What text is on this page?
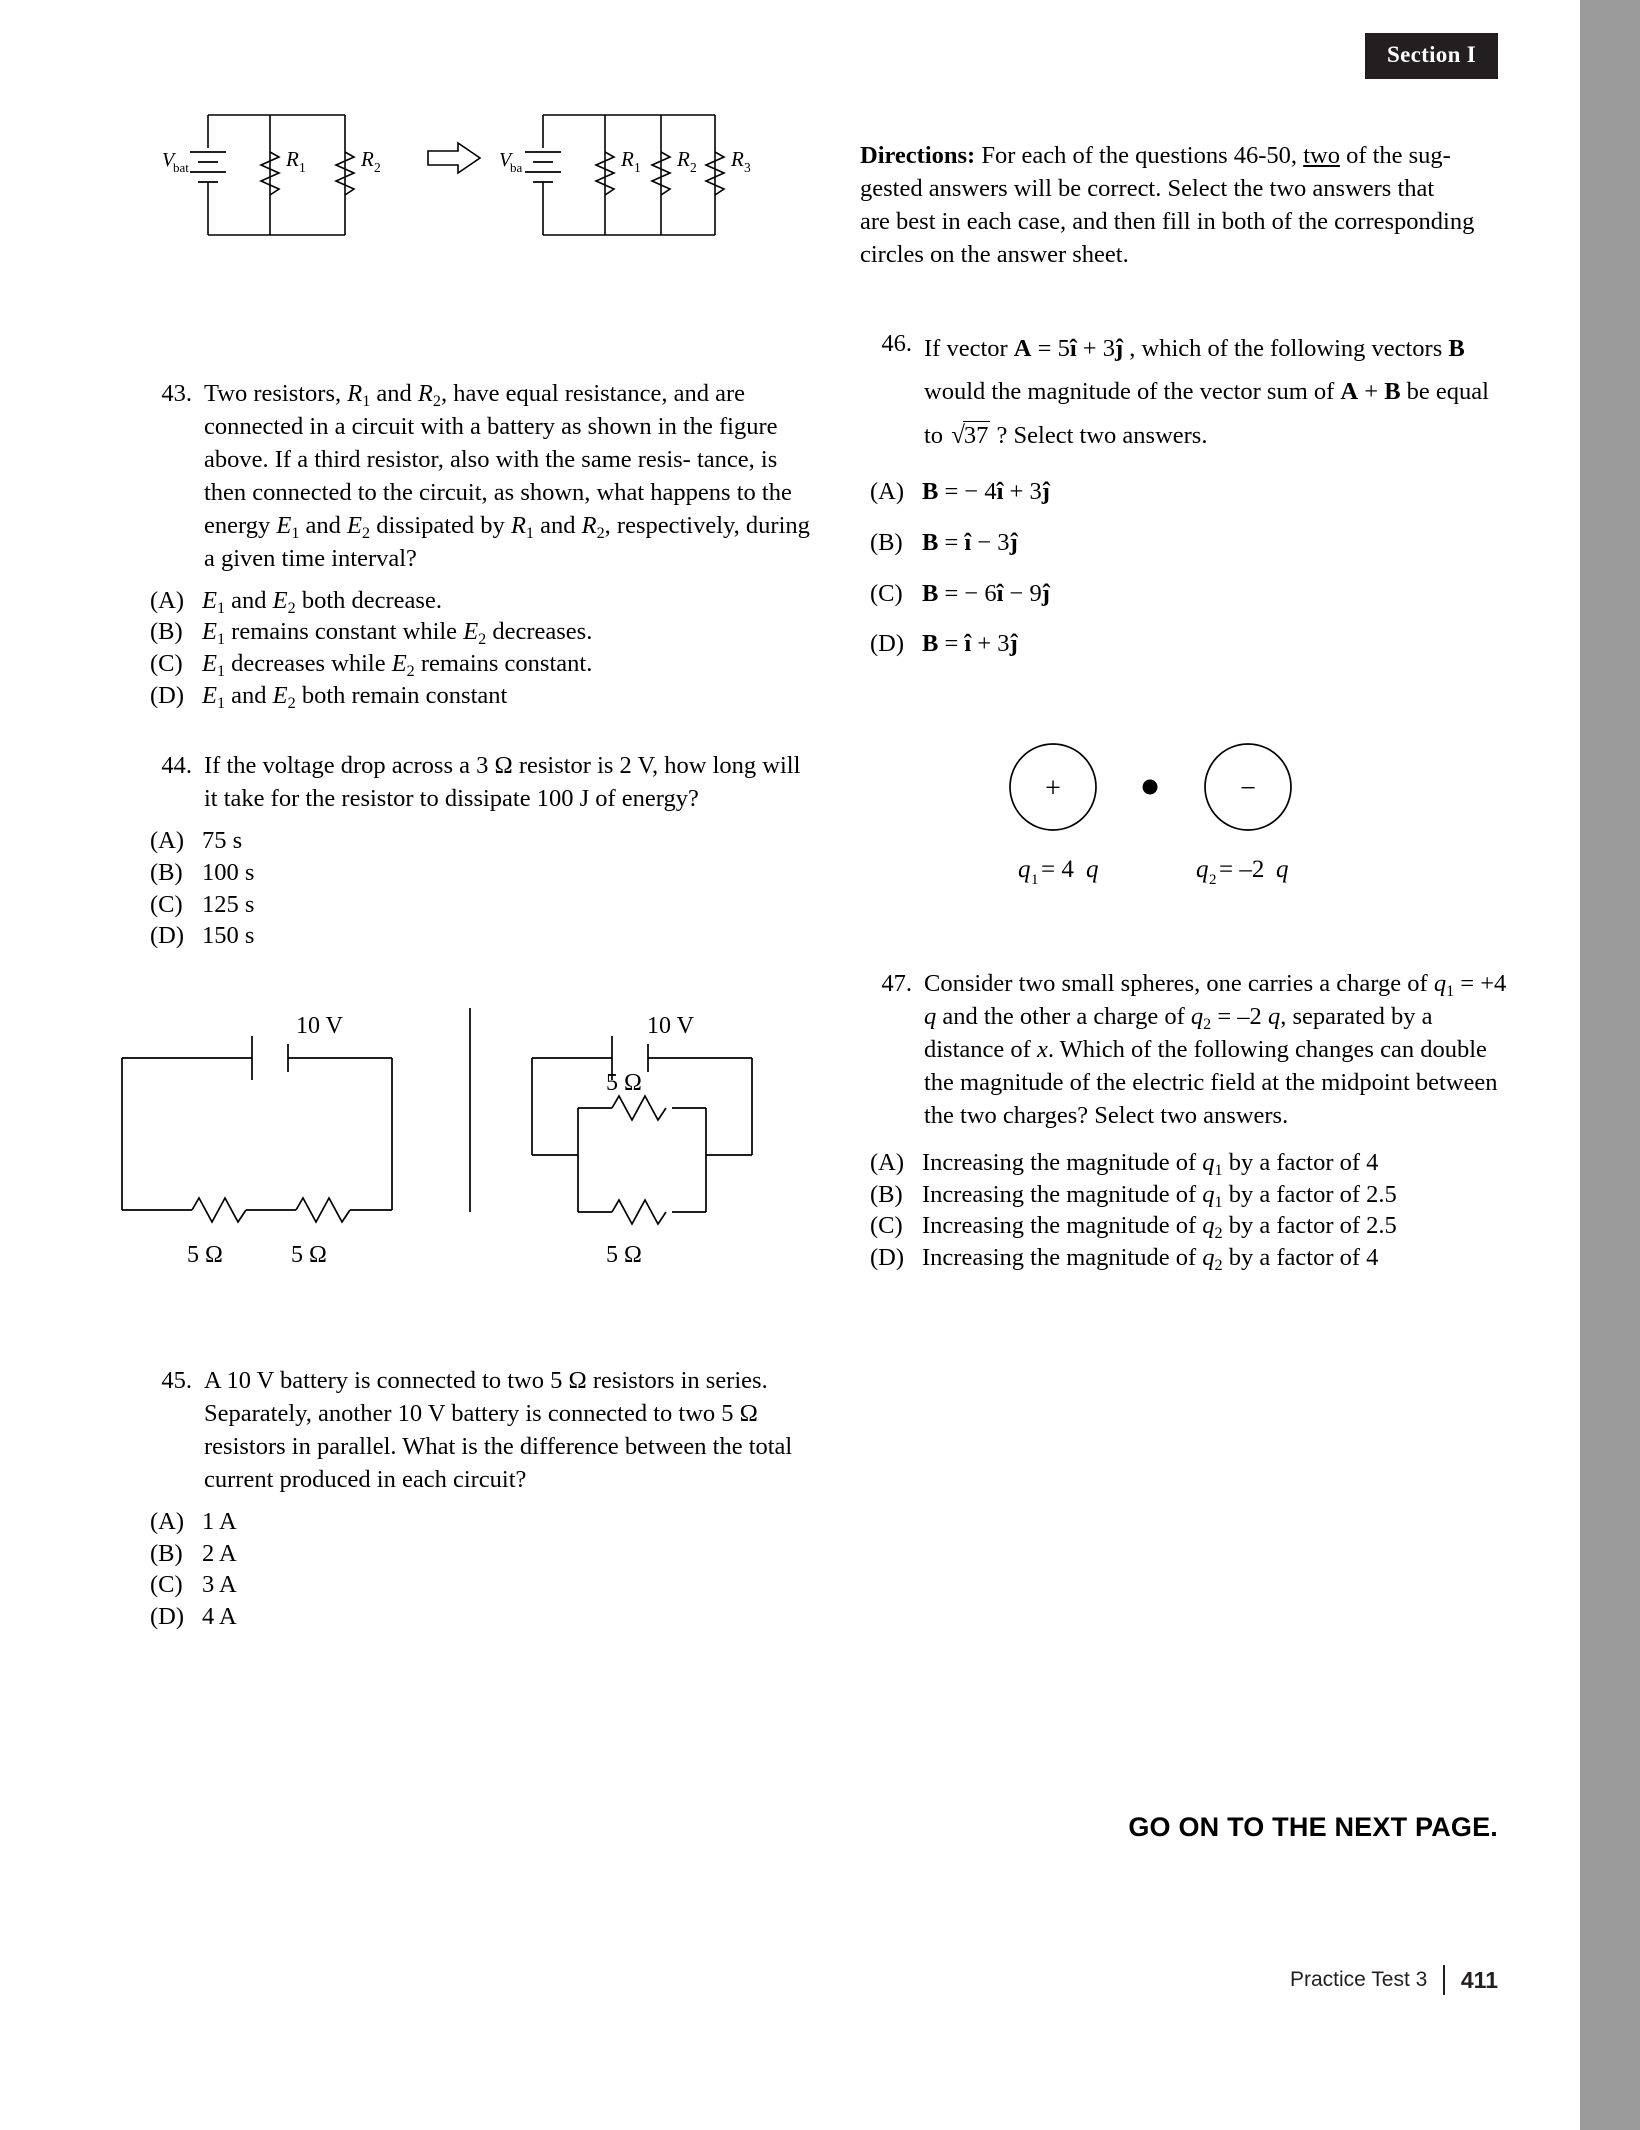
Section I
V
bat	R 1	R 2	V
ba	R 1 R 2 R 3	Directions: For each of the questions 46-50, two of the sug-
gested answers will be correct. Select the two answers that
are best in each case, and then fill in both of the corresponding
circles on the answer sheet.
43. Two resistors, $R_1$ and $R_2$, have equal resistance, and are connected in a circuit with a battery as shown in the figure above. If a third resistor, also with the same resis- tance, is then connected to the circuit, as shown, what happens to the energy $E_1$ and $E_2$ dissipated by $R_1$ and $R_2$, respectively, during a given time interval?
(A) $E_1$ and $E_2$ both decrease.
(B) $E_1$ remains constant while $E_2$ decreases.
(C) $E_1$ decreases while $E_2$ remains constant.
(D) $E_1$ and $E_2$ both remain constant
44. If the voltage drop across a 3 Ω resistor is 2 V, how long will it take for the resistor to dissipate 100 J of energy?
(A) 75 s
(B) 100 s
(C) 125 s
(D) 150 s
10 V
5 Ω	5 Ω
10 V
5 Ω
5 Ω
45. A 10 V battery is connected to two 5 Ω resistors in series. Separately, another 10 V battery is connected to two 5 Ω resistors in parallel. What is the difference between the total current produced in each circuit?
(A) 1 A
(B) 2 A
(C) 3 A
(D) 4 A
46. If vector A = 5î + 3ĵ , which of the following vectors B would the magnitude of the vector sum of A + B be equal to √37 ? Select two answers.
(A) B = − 4î + 3ĵ
(B) B = î − 3ĵ
(C) B = − 6î − 9ĵ
(D) B = î + 3ĵ
+	−
q 1 = 4 q	q 2 = –2 q
47. Consider two small spheres, one carries a charge of $q_1 = +4$ q and the other a charge of $q_2 = -2$ q, separated by a distance of x. Which of the following changes can double the magnitude of the electric field at the midpoint between the two charges? Select two answers.
(A) Increasing the magnitude of $q_1$ by a factor of 4
(B) Increasing the magnitude of $q_1$ by a factor of 2.5
(C) Increasing the magnitude of $q_2$ by a factor of 2.5
(D) Increasing the magnitude of $q_2$ by a factor of 4
GO ON TO THE NEXT PAGE.
Practice Test 3 411
